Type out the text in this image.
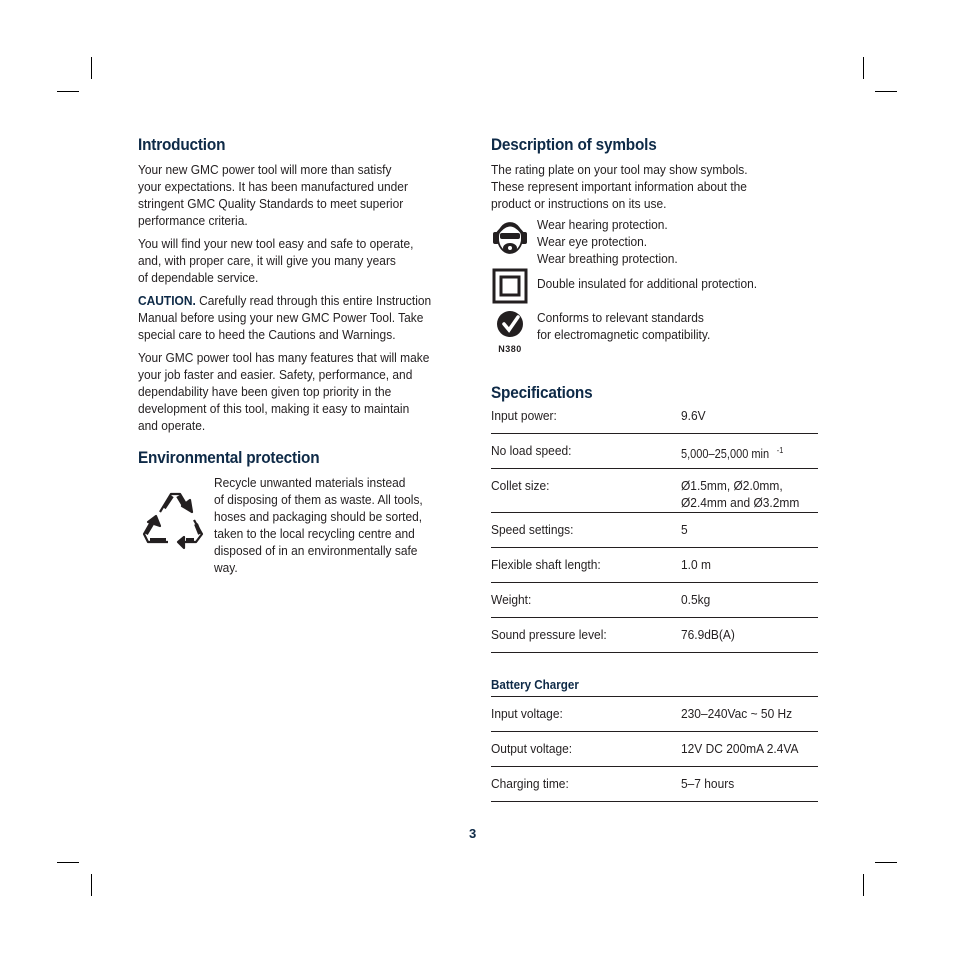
Introduction

Your new GMC power tool will more than satisfy
your expectations. It has been manufactured under
stringent GMC Quality Standards to meet superior
performance criteria.

You will find your new tool easy and safe to operate,
and, with proper care, it will give you many years
of dependable service.

CAUTION. Carefully read through this entire Instruction
Manual before using your new GMC Power Tool. Take
special care to heed the Cautions and Warnings.

Your GMC power tool has many features that will make
your job faster and easier. Safety, performance, and
dependability have been given top priority in the
development of this tool, making it easy to maintain
and operate.

Environmental protection

Recycle unwanted materials instead
of disposing of them as waste. All tools,
hoses and packaging should be sorted,
taken to the local recycling centre and
disposed of in an environmentally safe way.

Description of symbols

The rating plate on your tool may show symbols.
These represent important information about the
product or instructions on its use.

Wear hearing protection.
Wear eye protection.
Wear breathing protection.

Double insulated for additional protection.

N380

Conforms to relevant standards
for electromagnetic compatibility.

Specifications
Input power:	9.6V
No load speed:	5,000–25,000 min $^{-1}$
Collet size:	Ø1.5mm, Ø2.0mm,
Ø2.4mm and Ø3.2mm
Speed settings:	5
Flexible shaft length:	1.0 m
Weight:	0.5kg
Sound pressure level:	76.9dB(A)
Battery Charger	

Input voltage:	230–240Vac ~ 50 Hz
Output voltage:	12V DC 200mA 2.4VA
Charging time:	5–7 hours
3
